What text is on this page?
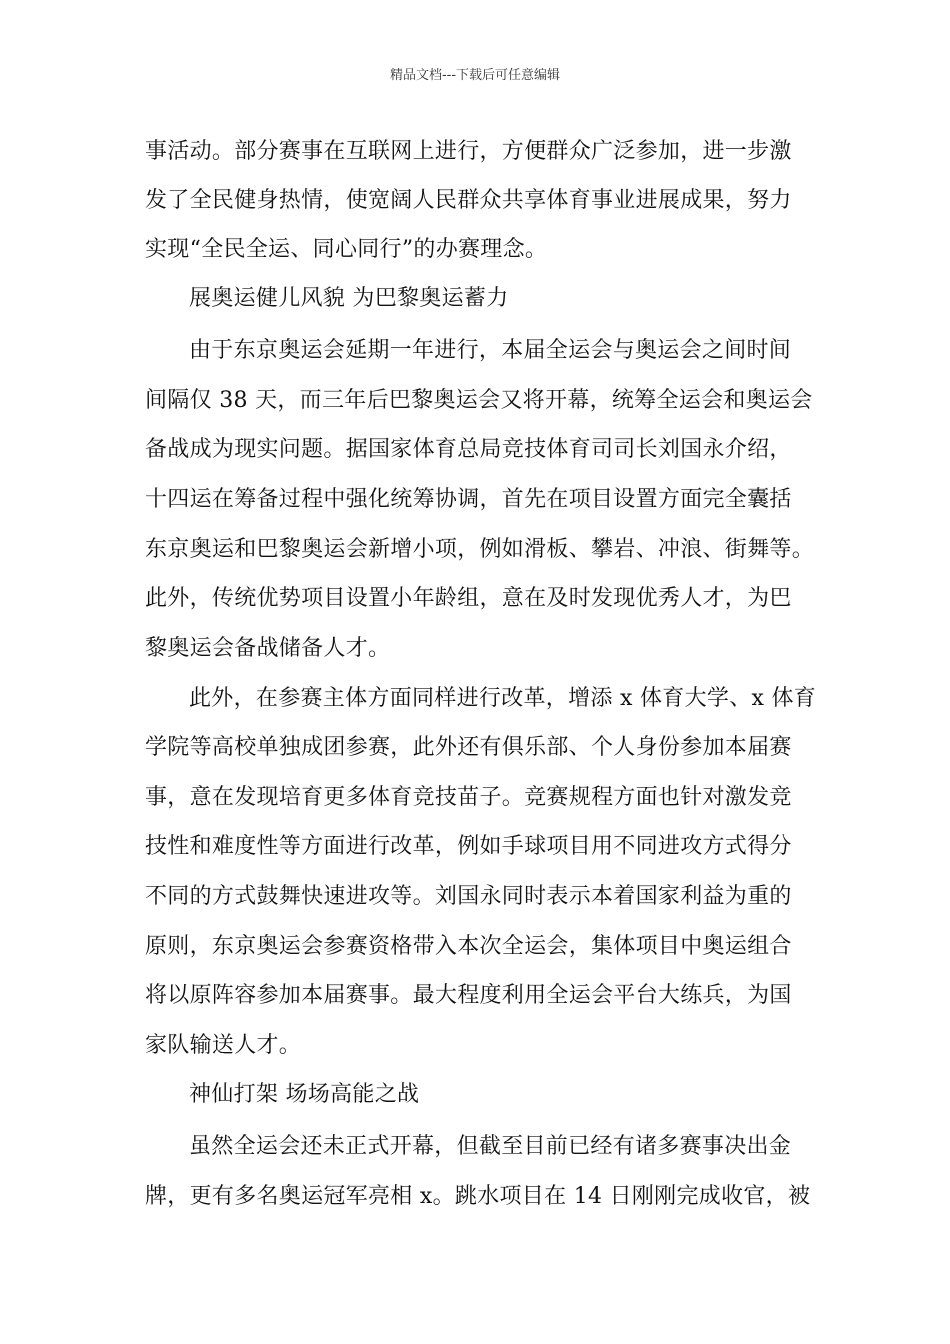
精品文档---下载后可任意编辑
事活动。部分赛事在互联网上进行，方便群众广泛参加，进一步激
发了全民健身热情，使宽阔人民群众共享体育事业进展成果，努力
实现“全民全运、同心同行”的办赛理念。
展奥运健儿风貌 为巴黎奥运蓄力
由于东京奥运会延期一年进行，本届全运会与奥运会之间时间
间隔仅 38 天，而三年后巴黎奥运会又将开幕，统筹全运会和奥运会
备战成为现实问题。据国家体育总局竞技体育司司长刘国永介绍，
十四运在筹备过程中强化统筹协调，首先在项目设置方面完全囊括
东京奥运和巴黎奥运会新增小项，例如滑板、攀岩、冲浪、街舞等。
此外，传统优势项目设置小年龄组，意在及时发现优秀人才，为巴
黎奥运会备战储备人才。
此外，在参赛主体方面同样进行改革，增添 x 体育大学、x 体育
学院等高校单独成团参赛，此外还有俱乐部、个人身份参加本届赛
事，意在发现培育更多体育竞技苗子。竞赛规程方面也针对激发竞
技性和难度性等方面进行改革，例如手球项目用不同进攻方式得分
不同的方式鼓舞快速进攻等。刘国永同时表示本着国家利益为重的
原则，东京奥运会参赛资格带入本次全运会，集体项目中奥运组合
将以原阵容参加本届赛事。最大程度利用全运会平台大练兵，为国
家队输送人才。
神仙打架 场场高能之战
虽然全运会还未正式开幕，但截至目前已经有诸多赛事决出金
牌，更有多名奥运冠军亮相 x。跳水项目在 14 日刚刚完成收官，被
